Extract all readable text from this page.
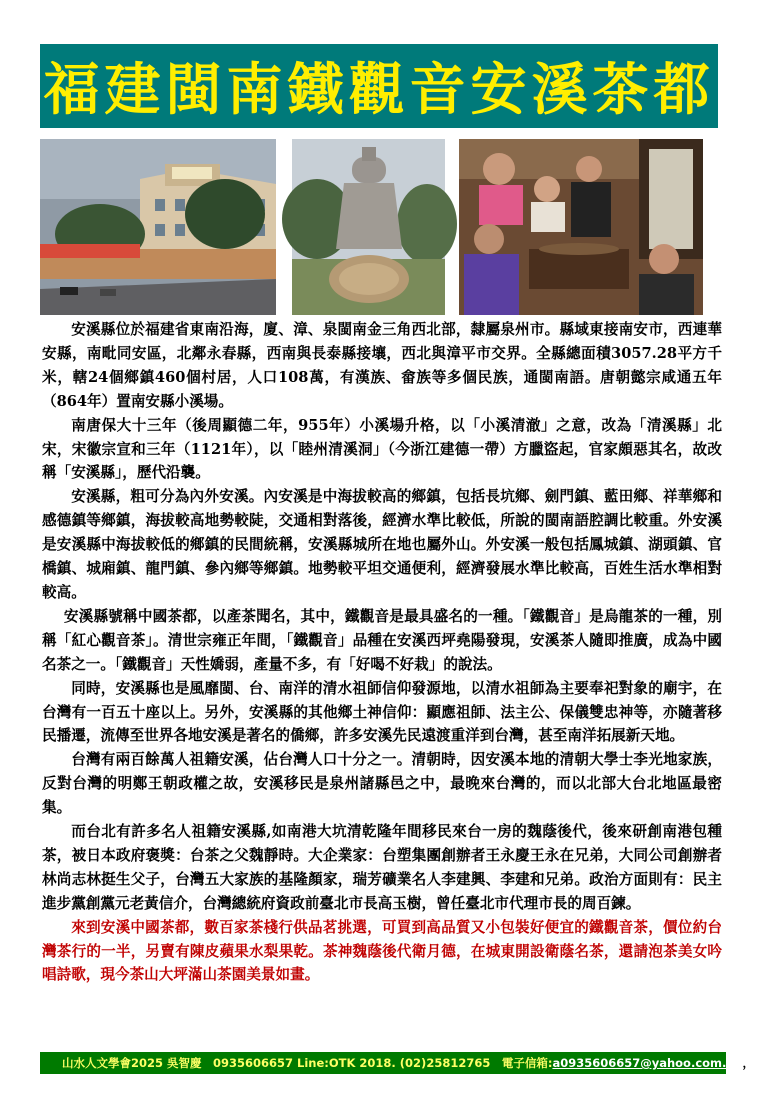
福建閩南鐵觀音安溪茶都

安溪縣位於福建省東南沿海，廈、漳、泉閩南金三角西北部，隸屬泉州市。縣域東接南安市，西連華安縣，南毗同安區，北鄰永春縣，西南與長泰縣接壤，西北與漳平市交界。全縣總面積3057.28平方千米，轄24個鄉鎮460個村居，人口108萬，有漢族、畲族等多個民族，通閩南語。唐朝懿宗咸通五年（864年）置南安縣小溪場。

南唐保大十三年（後周顯德二年，955年）小溪場升格，以「小溪清澈」之意，改為「清溪縣」北宋，宋徽宗宣和三年（1121年），以「睦州清溪洞」（今浙江建德一帶）方臘盜起，官家頗惡其名，故改稱「安溪縣」，歷代沿襲。

安溪縣，粗可分為內外安溪。內安溪是中海拔較高的鄉鎮，包括長坑鄉、劍門鎮、藍田鄉、祥華鄉和感德鎮等鄉鎮，海拔較高地勢較陡，交通相對落後，經濟水準比較低，所說的閩南語腔調比較重。外安溪是安溪縣中海拔較低的鄉鎮的民間統稱，安溪縣城所在地也屬外山。外安溪一般包括鳳城鎮、湖頭鎮、官橋鎮、城廂鎮、龍門鎮、參內鄉等鄉鎮。地勢較平坦交通便利，經濟發展水準比較高，百姓生活水準相對較高。

安溪縣號稱中國茶都，以產茶聞名，其中，鐵觀音是最具盛名的一種。「鐵觀音」是烏龍茶的一種，別稱「紅心觀音茶」。清世宗雍正年間，「鐵觀音」品種在安溪西坪堯陽發現，安溪茶人隨即推廣，成為中國名茶之一。「鐵觀音」天性嬌弱，產量不多，有「好喝不好栽」的說法。

同時，安溪縣也是風靡閩、台、南洋的清水祖師信仰發源地，以清水祖師為主要奉祀對象的廟宇，在台灣有一百五十座以上。另外，安溪縣的其他鄉土神信仰：顯應祖師、法主公、保儀雙忠神等，亦隨著移民播遷，流傳至世界各地安溪是著名的僑鄉，許多安溪先民遠渡重洋到台灣，甚至南洋拓展新天地。

台灣有兩百餘萬人祖籍安溪，佔台灣人口十分之一。清朝時，因安溪本地的清朝大學士李光地家族，反對台灣的明鄭王朝政權之故，安溪移民是泉州諸縣邑之中，最晚來台灣的，而以北部大台北地區最密集。

而台北有許多名人祖籍安溪縣,如南港大坑清乾隆年間移民來台一房的魏蔭後代，後來研創南港包種茶，被日本政府褒獎：台茶之父魏靜時。大企業家：台塑集團創辦者王永慶王永在兄弟，大同公司創辦者林尚志林挺生父子，台灣五大家族的基隆顏家，瑞芳礦業名人李建興、李建和兄弟。政治方面則有：民主進步黨創黨元老黃信介，台灣總統府資政前臺北市長高玉樹，曾任臺北市代理市長的周百鍊。

來到安溪中國茶都，數百家茶棧行供品茗挑選，可買到高品質又小包裝好便宜的鐵觀音茶，價位約台灣茶行的一半，另賣有陳皮蘋果水梨果乾。茶神魏蔭後代衛月德，在城東開設衛蔭名茶，還請泡茶美女吟唱詩歌，現今茶山大坪滿山茶園美景如畫。

山水人文學會2025 吳智慶　0935606657 Line:OTK 2018. (02)25812765　電子信箱:a0935606657@yahoo.com.tw，
